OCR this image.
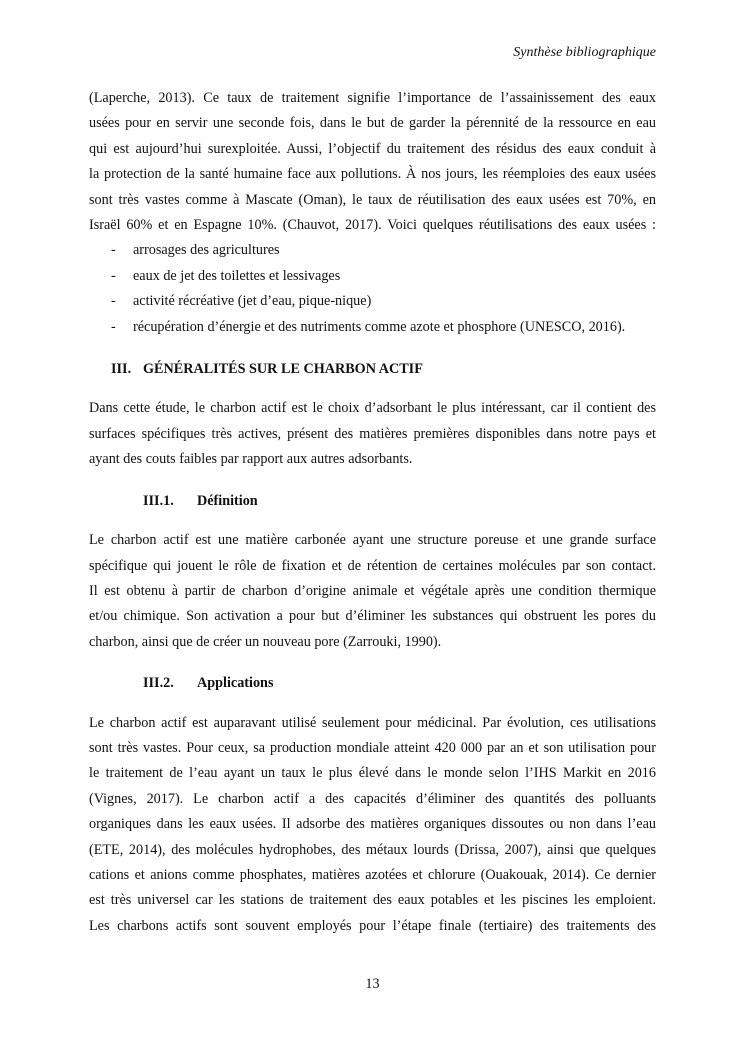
Synthèse bibliographique
(Laperche, 2013). Ce taux de traitement signifie l’importance de l’assainissement des eaux
usées pour en servir une seconde fois, dans le but de garder la pérennité de la ressource en eau
qui est aujourd’hui surexploitée. Aussi, l’objectif du traitement des résidus des eaux conduit à
la protection de la santé humaine face aux pollutions. À nos jours, les réemploies des eaux usées
sont très vastes comme à Mascate (Oman), le taux de réutilisation des eaux usées est 70%, en
Israël 60% et en Espagne 10%. (Chauvot, 2017). Voici quelques réutilisations des eaux usées :
- arrosages des agricultures
- eaux de jet des toilettes et lessivages
- activité récréative (jet d’eau, pique-nique)
- récupération d’énergie et des nutriments comme azote et phosphore (UNESCO, 2016).
III. GÉNÉRALITÉS SUR LE CHARBON ACTIF
Dans cette étude, le charbon actif est le choix d’adsorbant le plus intéressant, car il contient des
surfaces spécifiques très actives, présent des matières premières disponibles dans notre pays et
ayant des couts faibles par rapport aux autres adsorbants.
III.1. Définition
Le charbon actif est une matière carbonée ayant une structure poreuse et une grande surface
spécifique qui jouent le rôle de fixation et de rétention de certaines molécules par son contact.
Il est obtenu à partir de charbon d’origine animale et végétale après une condition thermique
et/ou chimique. Son activation a pour but d’éliminer les substances qui obstruent les pores du
charbon, ainsi que de créer un nouveau pore (Zarrouki, 1990).
III.2. Applications
Le charbon actif est auparavant utilisé seulement pour médicinal. Par évolution, ces utilisations
sont très vastes. Pour ceux, sa production mondiale atteint 420 000 par an et son utilisation pour
le traitement de l’eau ayant un taux le plus élevé dans le monde selon l’IHS Markit en 2016
(Vignes, 2017). Le charbon actif a des capacités d’éliminer des quantités des polluants
organiques dans les eaux usées. Il adsorbe des matières organiques dissoutes ou non dans l’eau
(ETE, 2014), des molécules hydrophobes, des métaux lourds (Drissa, 2007), ainsi que quelques
cations et anions comme phosphates, matières azotées et chlorure (Ouakouak, 2014). Ce dernier
est très universel car les stations de traitement des eaux potables et les piscines les emploient.
Les charbons actifs sont souvent employés pour l’étape finale (tertiaire) des traitements des
13
